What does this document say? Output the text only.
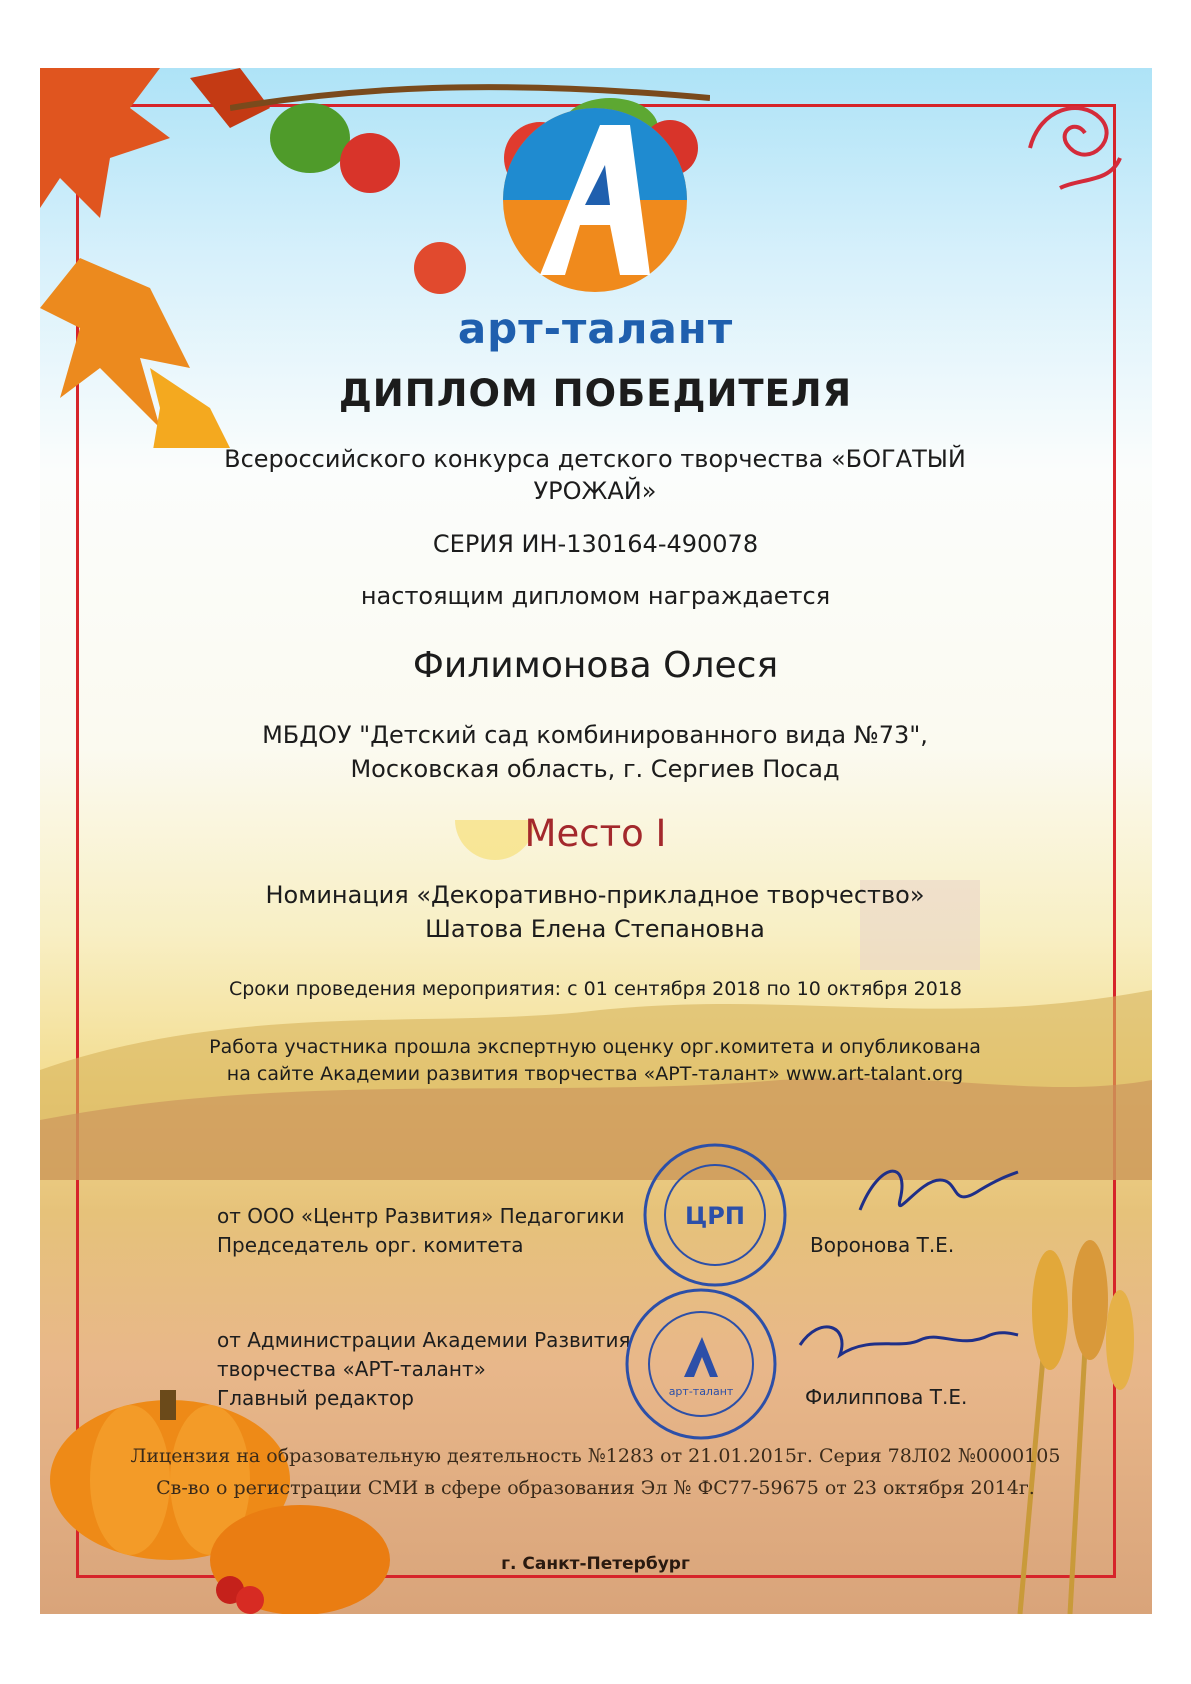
арт-талант
ДИПЛОМ ПОБЕДИТЕЛЯ
Всероссийского конкурса детского творчества «БОГАТЫЙ УРОЖАЙ»
СЕРИЯ ИН-130164-490078
настоящим дипломом награждается
Филимонова Олеся
МБДОУ "Детский сад комбинированного вида №73",
Московская область, г. Сергиев Посад
Место I
Номинация «Декоративно-прикладное творчество»
Шатова Елена Степановна
Сроки проведения мероприятия: с 01 сентября 2018 по 10 октября 2018
Работа участника прошла экспертную оценку орг.комитета и опубликована
на сайте Академии развития творчества «АРТ-талант» www.art-talant.org
от ООО «Центр Развития» Педагогики
Председатель орг. комитета	Воронова Т.Е.
от Администрации Академии Развития
творчества «АРТ-талант»
Главный редактор	Филиппова Т.Е.
ЦРП
арт-талант
Лицензия на образовательную деятельность №1283 от 21.01.2015г. Серия 78Л02 №0000105
Св-во о регистрации СМИ в сфере образования Эл № ФС77-59675 от 23 октября 2014г.
г. Санкт-Петербург
